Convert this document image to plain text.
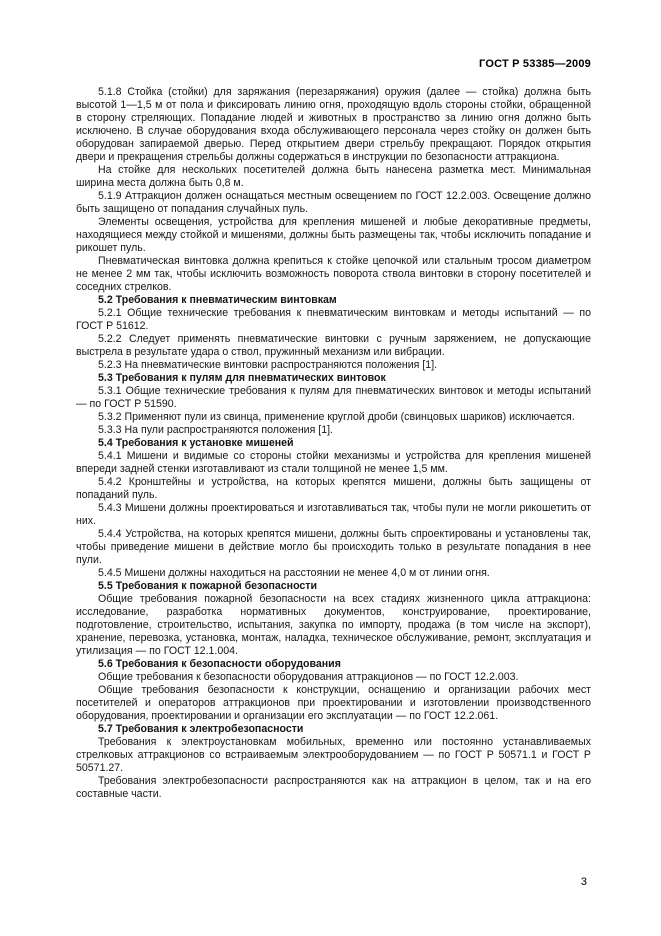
ГОСТ Р 53385—2009

5.1.8 Стойка (стойки) для заряжания (перезаряжания) оружия (далее — стойка) должна быть высотой 1—1,5 м от пола и фиксировать линию огня, проходящую вдоль стороны стойки, обращенной в сторону стреляющих. Попадание людей и животных в пространство за линию огня должно быть исключено. В случае оборудования входа обслуживающего персонала через стойку он должен быть оборудован запираемой дверью. Перед открытием двери стрельбу прекращают. Порядок открытия двери и прекращения стрельбы должны содержаться в инструкции по безопасности аттракциона.

На стойке для нескольких посетителей должна быть нанесена разметка мест. Минимальная ширина места должна быть 0,8 м.

5.1.9 Аттракцион должен оснащаться местным освещением по ГОСТ 12.2.003. Освещение должно быть защищено от попадания случайных пуль.

Элементы освещения, устройства для крепления мишеней и любые декоративные предметы, находящиеся между стойкой и мишенями, должны быть размещены так, чтобы исключить попадание и рикошет пуль.

Пневматическая винтовка должна крепиться к стойке цепочкой или стальным тросом диаметром не менее 2 мм так, чтобы исключить возможность поворота ствола винтовки в сторону посетителей и соседних стрелков.

5.2 Требования к пневматическим винтовкам

5.2.1 Общие технические требования к пневматическим винтовкам и методы испытаний — по ГОСТ Р 51612.

5.2.2 Следует применять пневматические винтовки с ручным заряжением, не допускающие выстрела в результате удара о ствол, пружинный механизм или вибрации.

5.2.3 На пневматические винтовки распространяются положения [1].

5.3 Требования к пулям для пневматических винтовок

5.3.1 Общие технические требования к пулям для пневматических винтовок и методы испытаний — по ГОСТ Р 51590.

5.3.2 Применяют пули из свинца, применение круглой дроби (свинцовых шариков) исключается.

5.3.3 На пули распространяются положения [1].

5.4 Требования к установке мишеней

5.4.1 Мишени и видимые со стороны стойки механизмы и устройства для крепления мишеней впереди задней стенки изготавливают из стали толщиной не менее 1,5 мм.

5.4.2 Кронштейны и устройства, на которых крепятся мишени, должны быть защищены от попаданий пуль.

5.4.3 Мишени должны проектироваться и изготавливаться так, чтобы пули не могли рикошетить от них.

5.4.4 Устройства, на которых крепятся мишени, должны быть спроектированы и установлены так, чтобы приведение мишени в действие могло бы происходить только в результате попадания в нее пули.

5.4.5 Мишени должны находиться на расстоянии не менее 4,0 м от линии огня.

5.5 Требования к пожарной безопасности

Общие требования пожарной безопасности на всех стадиях жизненного цикла аттракциона: исследование, разработка нормативных документов, конструирование, проектирование, подготовление, строительство, испытания, закупка по импорту, продажа (в том числе на экспорт), хранение, перевозка, установка, монтаж, наладка, техническое обслуживание, ремонт, эксплуатация и утилизация — по ГОСТ 12.1.004.

5.6 Требования к безопасности оборудования

Общие требования к безопасности оборудования аттракционов — по ГОСТ 12.2.003.

Общие требования безопасности к конструкции, оснащению и организации рабочих мест посетителей и операторов аттракционов при проектировании и изготовлении производственного оборудования, проектировании и организации его эксплуатации — по ГОСТ 12.2.061.

5.7 Требования к электробезопасности

Требования к электроустановкам мобильных, временно или постоянно устанавливаемых стрелковых аттракционов со встраиваемым электрооборудованием — по ГОСТ Р 50571.1 и ГОСТ Р 50571.27.

Требования электробезопасности распространяются как на аттракцион в целом, так и на его составные части.

3
